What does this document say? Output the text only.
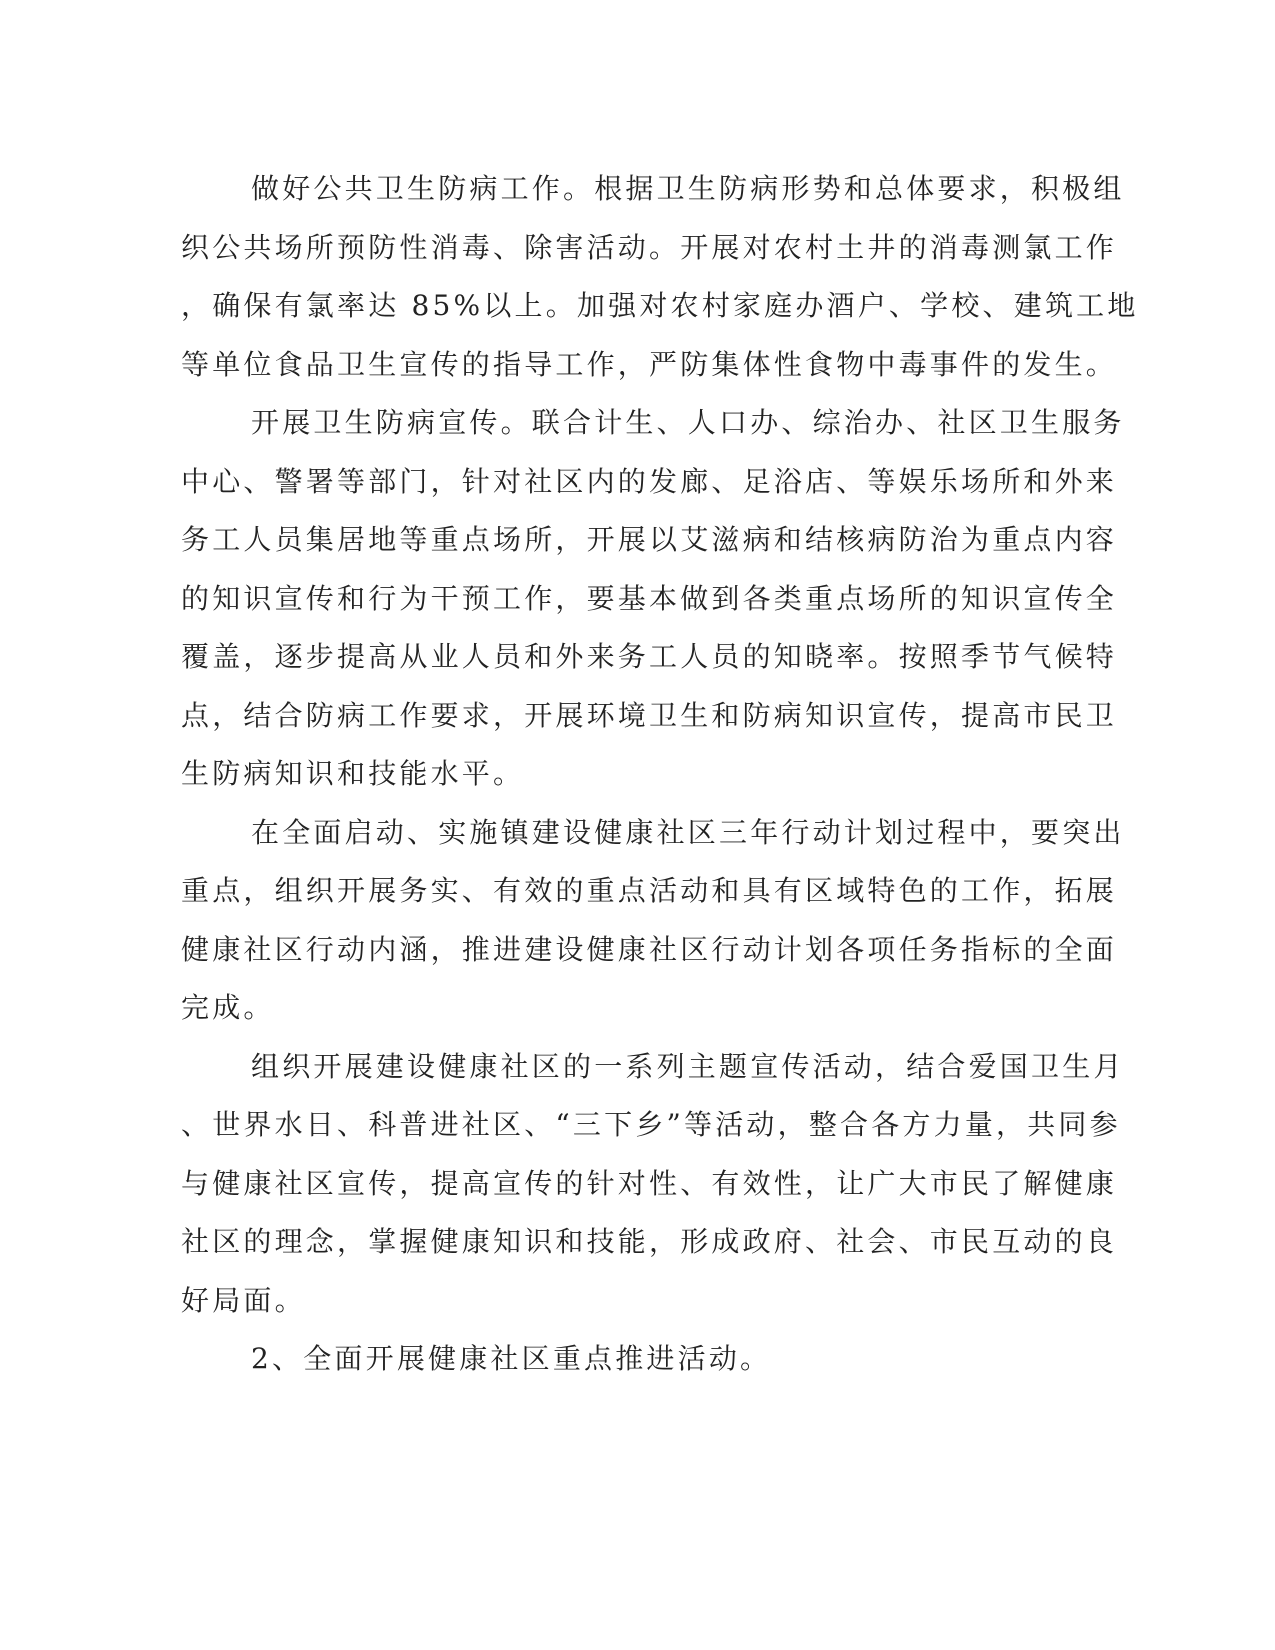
做好公共卫生防病工作。根据卫生防病形势和总体要求，积极组
织公共场所预防性消毒、除害活动。开展对农村土井的消毒测氯工作
，确保有氯率达 85%以上。加强对农村家庭办酒户、学校、建筑工地
等单位食品卫生宣传的指导工作，严防集体性食物中毒事件的发生。
开展卫生防病宣传。联合计生、人口办、综治办、社区卫生服务
中心、警署等部门，针对社区内的发廊、足浴店、等娱乐场所和外来
务工人员集居地等重点场所，开展以艾滋病和结核病防治为重点内容
的知识宣传和行为干预工作，要基本做到各类重点场所的知识宣传全
覆盖，逐步提高从业人员和外来务工人员的知晓率。按照季节气候特
点，结合防病工作要求，开展环境卫生和防病知识宣传，提高市民卫
生防病知识和技能水平。
在全面启动、实施镇建设健康社区三年行动计划过程中，要突出
重点，组织开展务实、有效的重点活动和具有区域特色的工作，拓展
健康社区行动内涵，推进建设健康社区行动计划各项任务指标的全面
完成。
组织开展建设健康社区的一系列主题宣传活动，结合爱国卫生月
、世界水日、科普进社区、“三下乡”等活动，整合各方力量，共同参
与健康社区宣传，提高宣传的针对性、有效性，让广大市民了解健康
社区的理念，掌握健康知识和技能，形成政府、社会、市民互动的良
好局面。
2、全面开展健康社区重点推进活动。
